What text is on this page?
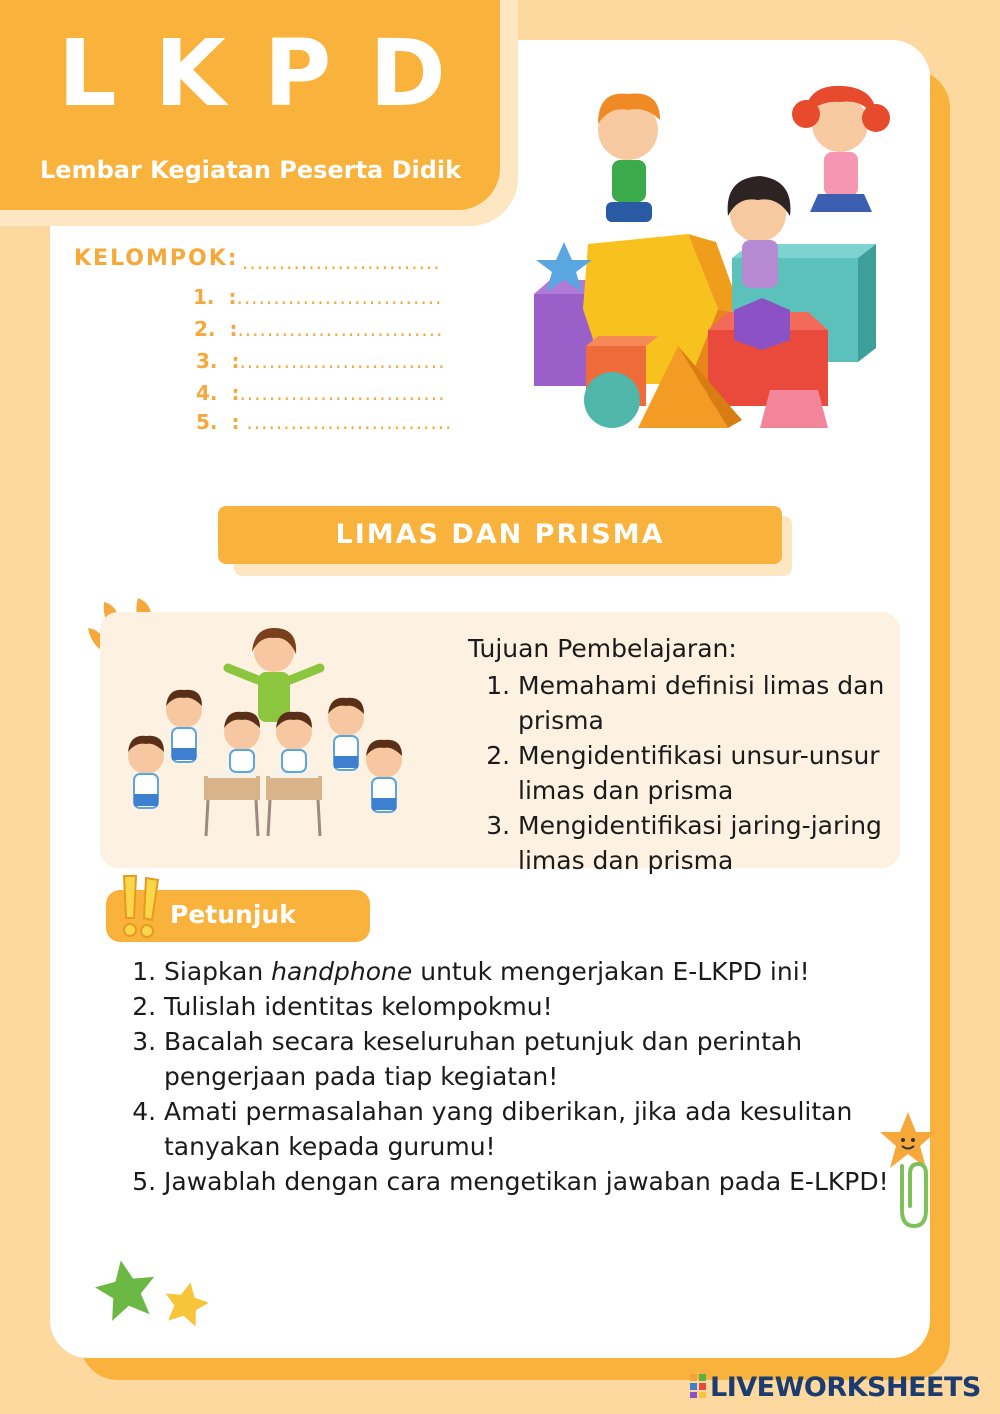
LKPD
Lembar Kegiatan Peserta Didik
KELOMPOK: ...........................
1. :............................
2. :............................
3. :............................
4. :............................
5. : ............................
LIMAS DAN PRISMA
Tujuan Pembelajaran:
1. Memahami definisi limas dan prisma
2. Mengidentifikasi unsur-unsur limas dan prisma
3. Mengidentifikasi jaring-jaring limas dan prisma
Petunjuk
1. Siapkan handphone untuk mengerjakan E-LKPD ini!
2. Tulislah identitas kelompokmu!
3. Bacalah secara keseluruhan petunjuk dan perintah pengerjaan pada tiap kegiatan!
4. Amati permasalahan yang diberikan, jika ada kesulitan tanyakan kepada gurumu!
5. Jawablah dengan cara mengetikan jawaban pada E-LKPD!
LIVEWORKSHEETS
